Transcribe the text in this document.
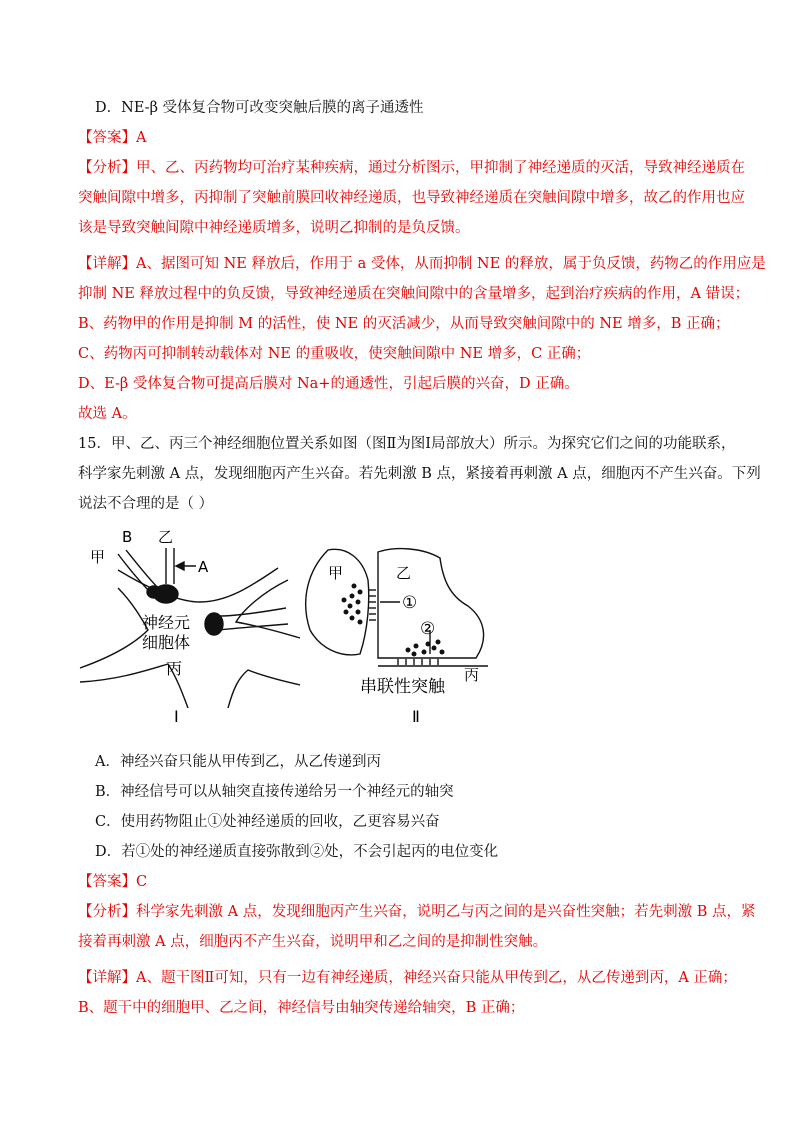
D．NE-β 受体复合物可改变突触后膜的离子通透性
【答案】A
【分析】甲、乙、丙药物均可治疗某种疾病，通过分析图示，甲抑制了神经递质的灭活，导致神经递质在
突触间隙中增多，丙抑制了突触前膜回收神经递质，也导致神经递质在突触间隙中增多，故乙的作用也应
该是导致突触间隙中神经递质增多，说明乙抑制的是负反馈。
【详解】A、据图可知 NE 释放后，作用于 a 受体，从而抑制 NE 的释放，属于负反馈，药物乙的作用应是
抑制 NE 释放过程中的负反馈，导致神经递质在突触间隙中的含量增多，起到治疗疾病的作用，A 错误；
B、药物甲的作用是抑制 M 的活性，使 NE 的灭活减少，从而导致突触间隙中的 NE 增多，B 正确；
C、药物丙可抑制转动载体对 NE 的重吸收，使突触间隙中 NE 增多，C 正确；
D、E-β 受体复合物可提高后膜对 Na+的通透性，引起后膜的兴奋，D 正确。
故选 A。
15．甲、乙、丙三个神经细胞位置关系如图（图Ⅱ为图Ⅰ局部放大）所示。为探究它们之间的功能联系，
科学家先刺激 A 点，发现细胞丙产生兴奋。若先刺激 B 点，紧接着再刺激 A 点，细胞丙不产生兴奋。下列
说法不合理的是（ ）
A．神经兴奋只能从甲传到乙，从乙传递到丙
B．神经信号可以从轴突直接传递给另一个神经元的轴突
C．使用药物阻止①处神经递质的回收，乙更容易兴奋
D．若①处的神经递质直接弥散到②处，不会引起丙的电位变化
【答案】C
【分析】科学家先刺激 A 点，发现细胞丙产生兴奋，说明乙与丙之间的是兴奋性突触；若先刺激 B 点，紧
接着再刺激 A 点，细胞丙不产生兴奋，说明甲和乙之间的是抑制性突触。
【详解】A、题干图Ⅱ可知，只有一边有神经递质，神经兴奋只能从甲传到乙，从乙传递到丙，A 正确；
B、题干中的细胞甲、乙之间，神经信号由轴突传递给轴突，B 正确；
B 乙
甲
A
神经元
细胞体
丙
Ⅰ
甲	乙
①
②
丙
串联性突触
Ⅱ
